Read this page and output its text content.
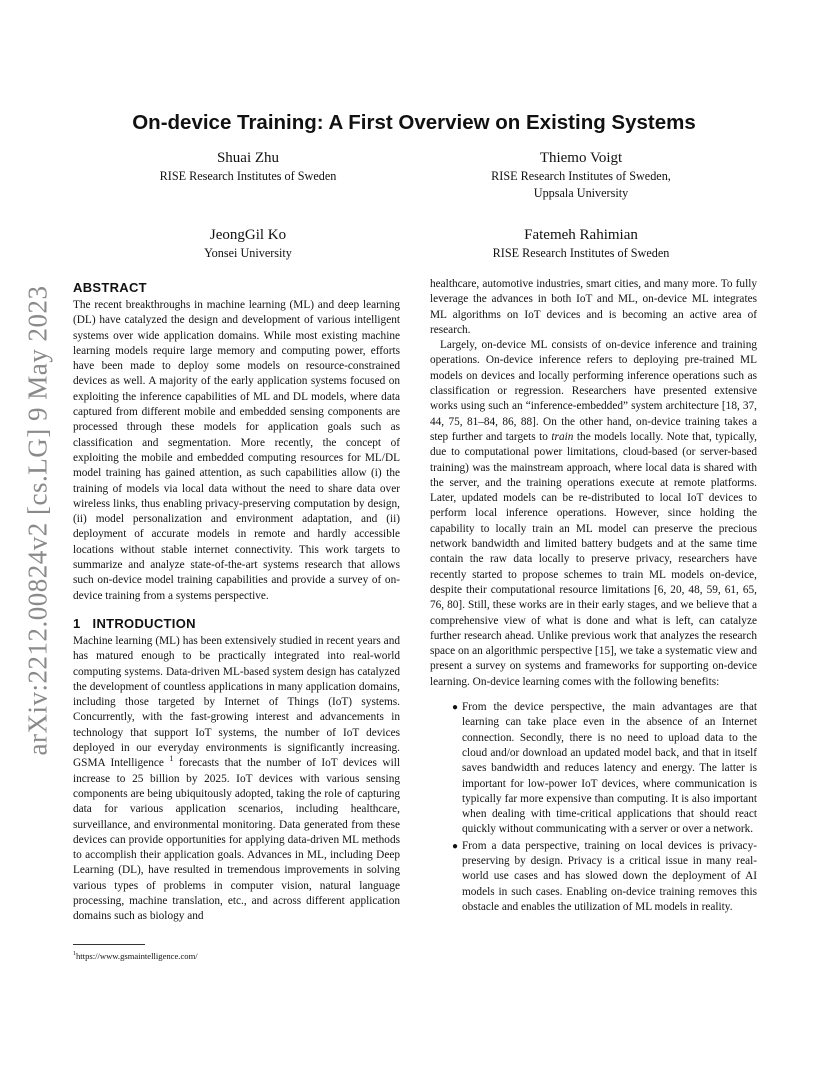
arXiv:2212.00824v2 [cs.LG] 9 May 2023
On-device Training: A First Overview on Existing Systems
Shuai Zhu
RISE Research Institutes of Sweden
Thiemo Voigt
RISE Research Institutes of Sweden,
Uppsala University
JeongGil Ko
Yonsei University
Fatemeh Rahimian
RISE Research Institutes of Sweden
ABSTRACT

The recent breakthroughs in machine learning (ML) and deep learning (DL) have catalyzed the design and development of various intelligent systems over wide application domains. While most existing machine learning models require large memory and computing power, efforts have been made to deploy some models on resource-constrained devices as well. A majority of the early application systems focused on exploiting the inference capabilities of ML and DL models, where data captured from different mobile and embedded sensing components are processed through these models for application goals such as classification and segmentation. More recently, the concept of exploiting the mobile and embedded computing resources for ML/DL model training has gained attention, as such capabilities allow (i) the training of models via local data without the need to share data over wireless links, thus enabling privacy-preserving computation by design, (ii) model personalization and environment adaptation, and (ii) deployment of accurate models in remote and hardly accessible locations without stable internet connectivity. This work targets to summarize and analyze state-of-the-art systems research that allows such on-device model training capabilities and provide a survey of on-device training from a systems perspective.

1 INTRODUCTION

Machine learning (ML) has been extensively studied in recent years and has matured enough to be practically integrated into real-world computing systems. Data-driven ML-based system design has catalyzed the development of countless applications in many application domains, including those targeted by Internet of Things (IoT) systems. Concurrently, with the fast-growing interest and advancements in technology that support IoT systems, the number of IoT devices deployed in our everyday environments is significantly increasing. GSMA Intelligence $^1$ forecasts that the number of IoT devices will increase to 25 billion by 2025. IoT devices with various sensing components are being ubiquitously adopted, taking the role of capturing data for various application scenarios, including healthcare, surveillance, and environmental monitoring. Data generated from these devices can provide opportunities for applying data-driven ML methods to accomplish their application goals. Advances in ML, including Deep Learning (DL), have resulted in tremendous improvements in solving various types of problems in computer vision, natural language processing, machine translation, etc., and across different application domains such as biology and

healthcare, automotive industries, smart cities, and many more. To fully leverage the advances in both IoT and ML, on-device ML integrates ML algorithms on IoT devices and is becoming an active area of research.

Largely, on-device ML consists of on-device inference and training operations. On-device inference refers to deploying pre-trained ML models on devices and locally performing inference operations such as classification or regression. Researchers have presented extensive works using such an “inference-embedded” system architecture [18, 37, 44, 75, 81–84, 86, 88]. On the other hand, on-device training takes a step further and targets to train the models locally. Note that, typically, due to computational power limitations, cloud-based (or server-based training) was the mainstream approach, where local data is shared with the server, and the training operations execute at remote platforms. Later, updated models can be re-distributed to local IoT devices to perform local inference operations. However, since holding the capability to locally train an ML model can preserve the precious network bandwidth and limited battery budgets and at the same time contain the raw data locally to preserve privacy, researchers have recently started to propose schemes to train ML models on-device, despite their computational resource limitations [6, 20, 48, 59, 61, 65, 76, 80]. Still, these works are in their early stages, and we believe that a comprehensive view of what is done and what is left, can catalyze further research ahead. Unlike previous work that analyzes the research space on an algorithmic perspective [15], we take a systematic view and present a survey on systems and frameworks for supporting on-device learning. On-device learning comes with the following benefits:

● From the device perspective, the main advantages are that learning can take place even in the absence of an Internet connection. Secondly, there is no need to upload data to the cloud and/or download an updated model back, and that in itself saves bandwidth and reduces latency and energy. The latter is important for low-power IoT devices, where communication is typically far more expensive than computing. It is also important when dealing with time-critical applications that should react quickly without communicating with a server or over a network.
● From a data perspective, training on local devices is privacy-preserving by design. Privacy is a critical issue in many real-world use cases and has slowed down the deployment of AI models in such cases. Enabling on-device training removes this obstacle and enables the utilization of ML models in reality.
$^1$https://www.gsmaintelligence.com/
